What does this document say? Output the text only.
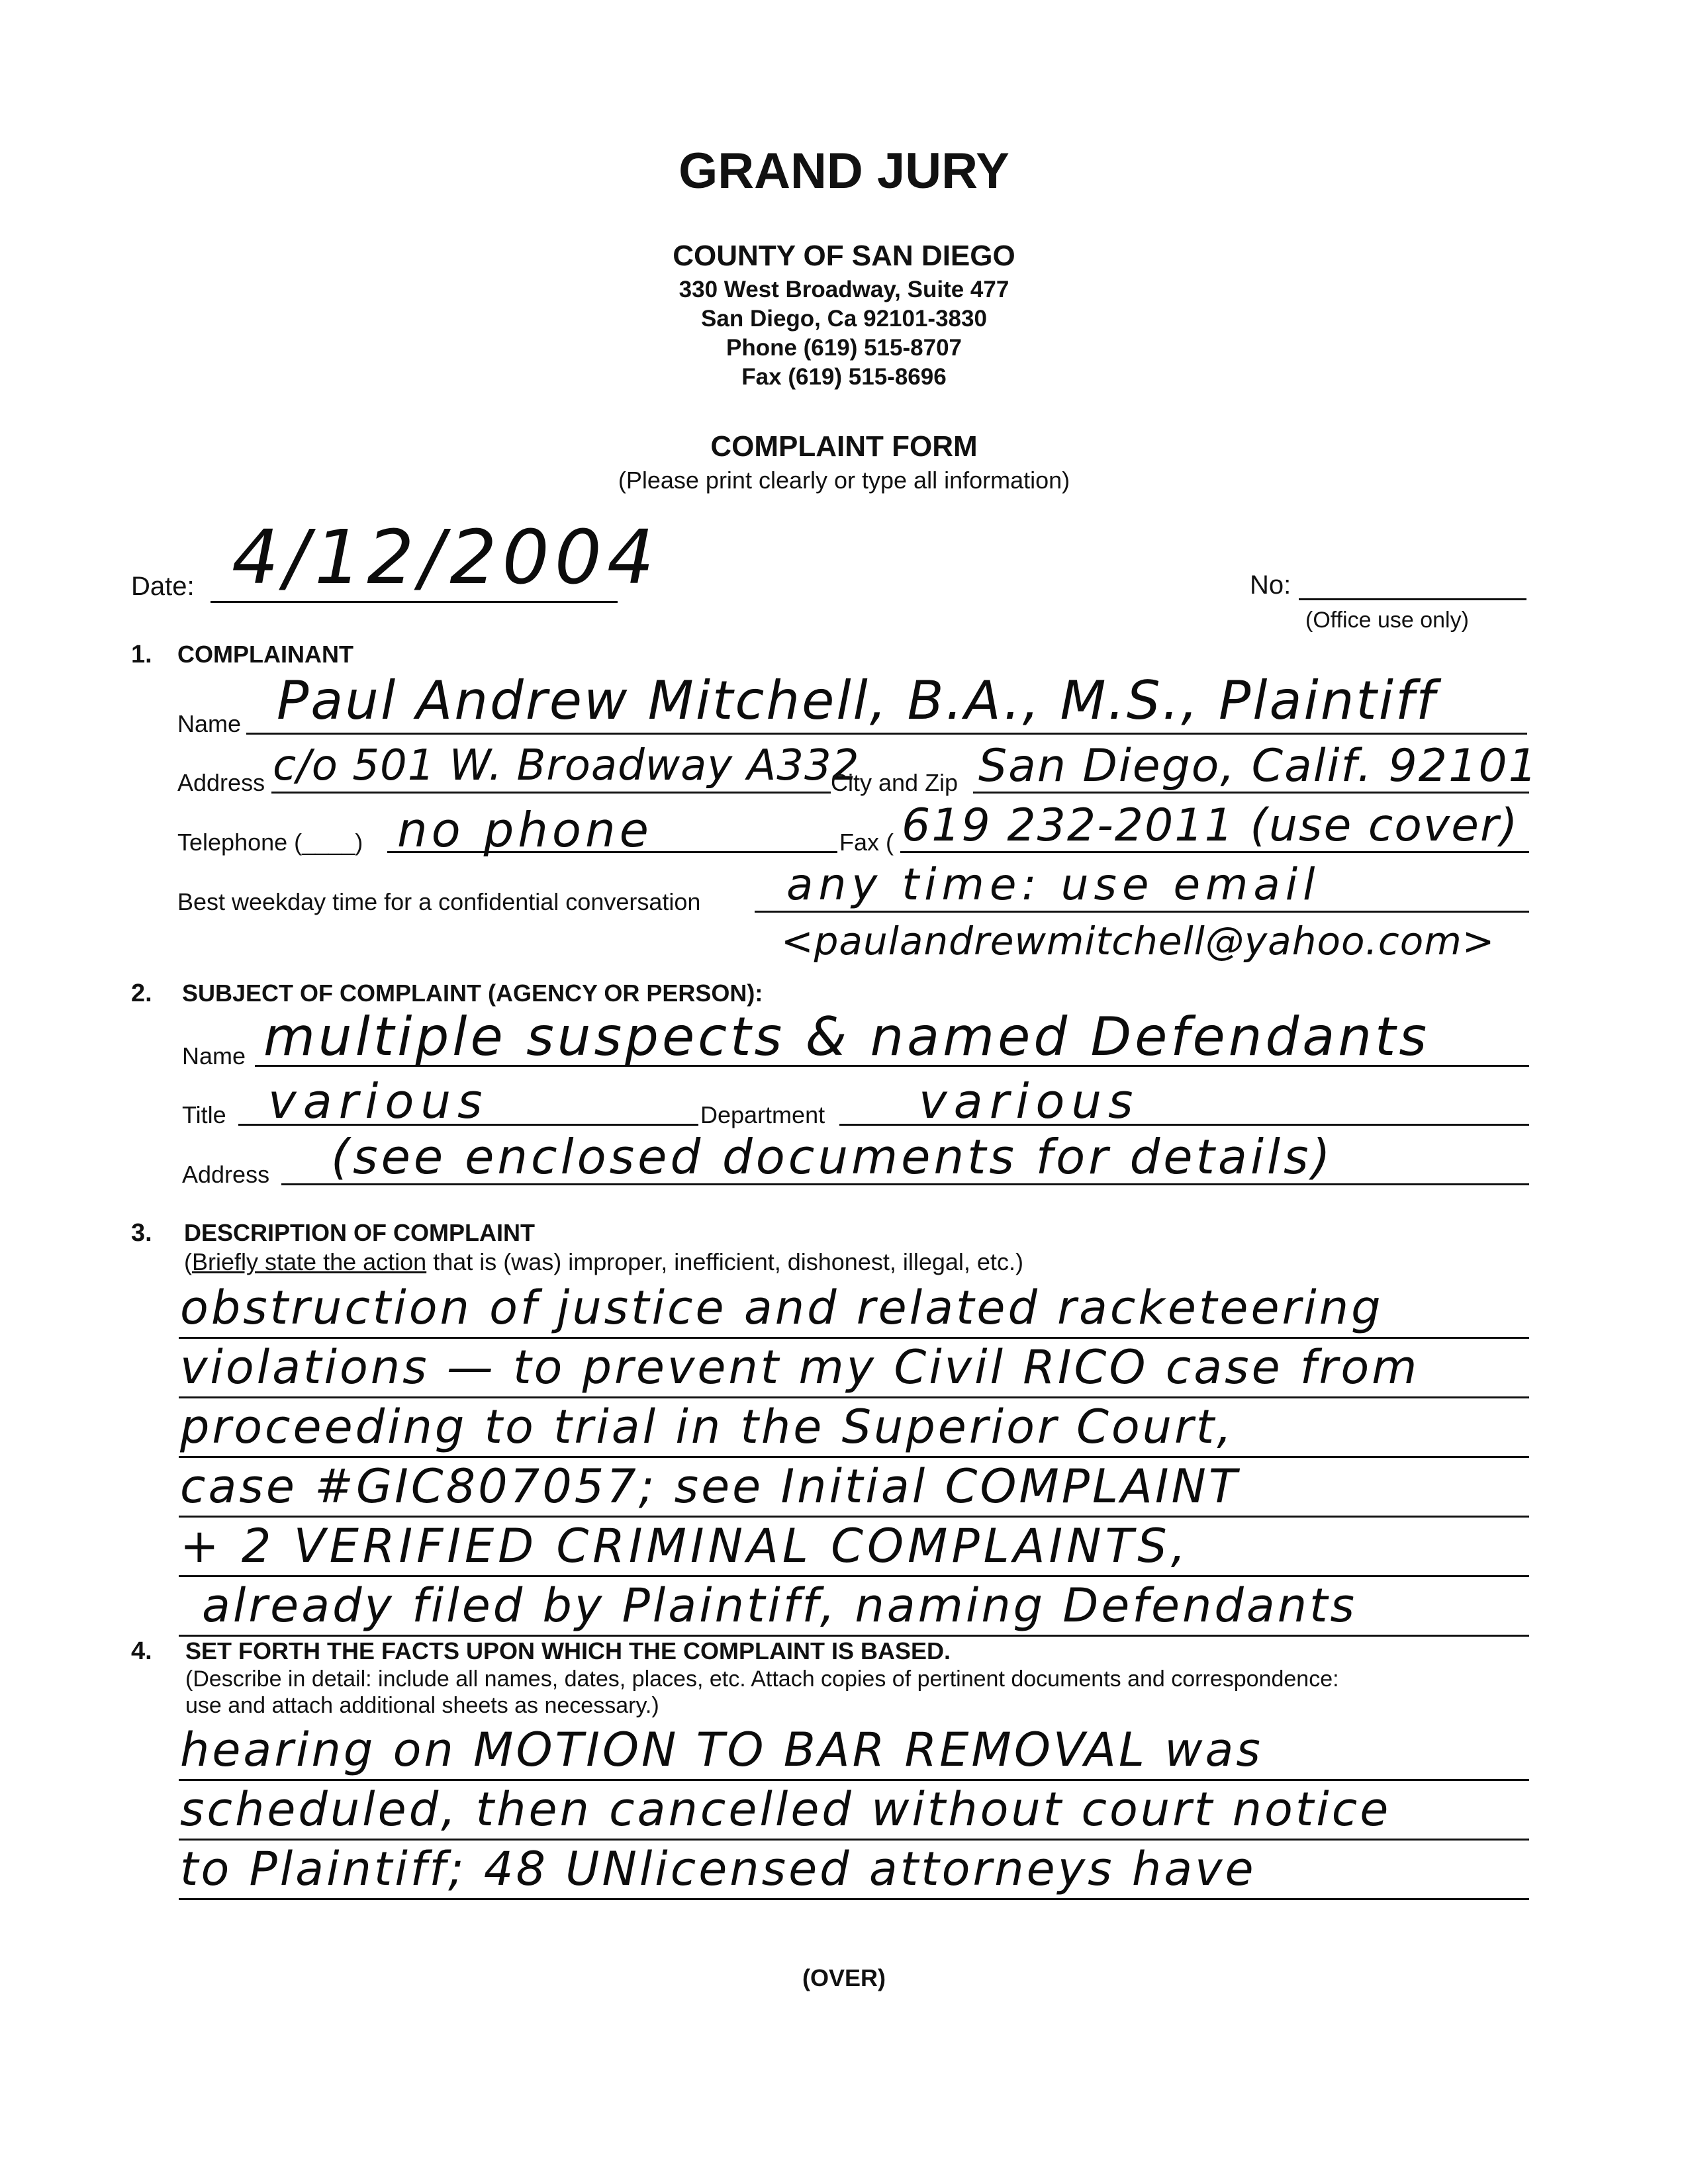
GRAND JURY
COUNTY OF SAN DIEGO
330 West Broadway, Suite 477
San Diego, Ca 92101-3830
Phone (619) 515-8707
Fax (619) 515-8696
COMPLAINT FORM
(Please print clearly or type all information)
Date: 4/12/2004	No:
(Office use only)
1. COMPLAINANT
Name Paul Andrew Mitchell, B.A., M.S., Plaintiff
Address c/o 501 W. Broadway A332
City and Zip San Diego, Calif. 92101
Telephone (____) no phone	Fax ( 619 232-2011 (use cover)
Best weekday time for a confidential conversation any time: use email
<paulandrewmitchell@yahoo.com>
2. SUBJECT OF COMPLAINT (AGENCY OR PERSON):
Name multiple suspects & named Defendants
Title various	Department various
Address (see enclosed documents for details)
3. DESCRIPTION OF COMPLAINT
(Briefly state the action that is (was) improper, inefficient, dishonest, illegal, etc.)
obstruction of justice and related racketeering
violations — to prevent my Civil RICO case from
proceeding to trial in the Superior Court,
case #GIC807057; see Initial COMPLAINT
+ 2 VERIFIED CRIMINAL COMPLAINTS,
already filed by Plaintiff, naming Defendants
4. SET FORTH THE FACTS UPON WHICH THE COMPLAINT IS BASED.
(Describe in detail: include all names, dates, places, etc. Attach copies of pertinent documents and correspondence:
use and attach additional sheets as necessary.)
hearing on MOTION TO BAR REMOVAL was
scheduled, then cancelled without court notice
to Plaintiff; 48 UNlicensed attorneys have
(OVER)
